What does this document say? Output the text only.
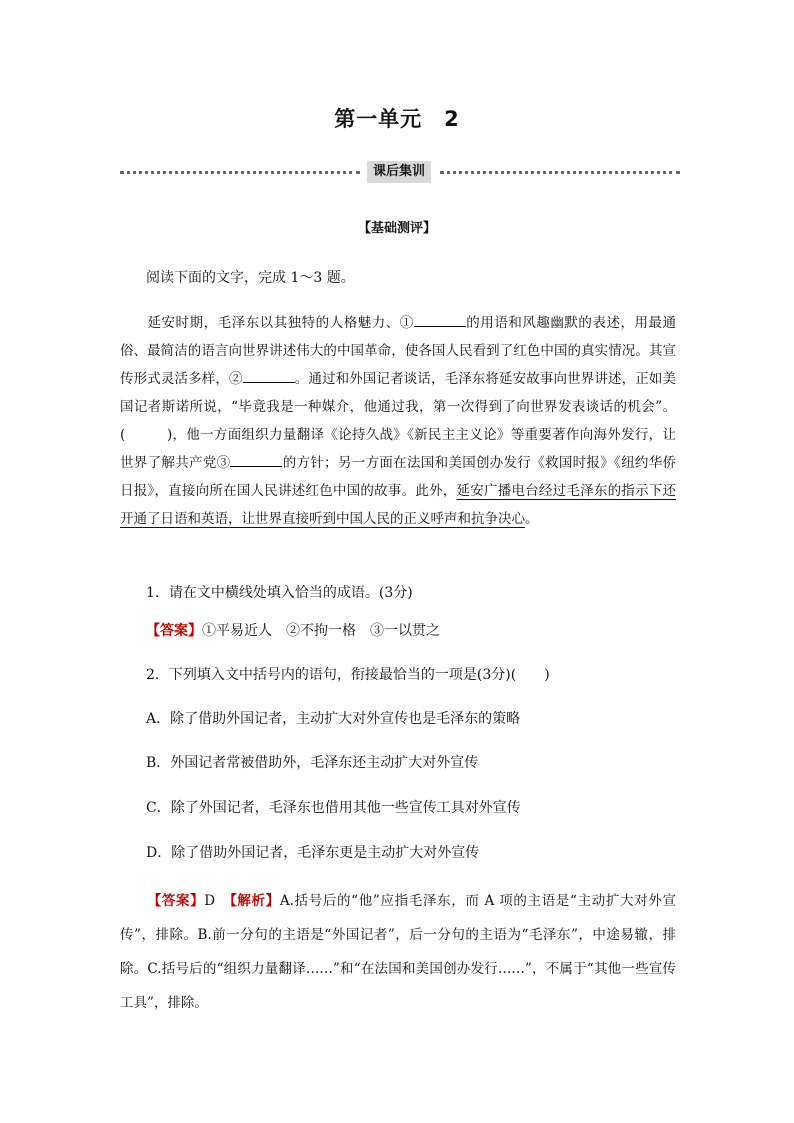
第一单元　2
课后集训
【基础测评】
阅读下面的文字，完成 1～3 题。
延安时期，毛泽东以其独特的人格魅力、①	的用语和风趣幽默的表述，用最通俗、最简洁的语言向世界讲述伟大的中国革命，使各国人民看到了红色中国的真实情况。其宣传形式灵活多样，②	。通过和外国记者谈话，毛泽东将延安故事向世界讲述，正如美国记者斯诺所说，“毕竟我是一种媒介，他通过我，第一次得到了向世界发表谈话的机会”。(　　　)，他一方面组织力量翻译《论持久战》《新民主主义论》等重要著作向海外发行，让世界了解共产党③	的方针；另一方面在法国和美国创办发行《救国时报》《纽约华侨日报》，直接向所在国人民讲述红色中国的故事。此外，延安广播电台经过毛泽东的指示下还开通了日语和英语，让世界直接听到中国人民的正义呼声和抗争决心。
1．请在文中横线处填入恰当的成语。(3分)
【答案】①平易近人　②不拘一格　③一以贯之
2．下列填入文中括号内的语句，衔接最恰当的一项是(3分)(　　)
A．除了借助外国记者，主动扩大对外宣传也是毛泽东的策略
B．外国记者常被借助外，毛泽东还主动扩大对外宣传
C．除了外国记者，毛泽东也借用其他一些宣传工具对外宣传
D．除了借助外国记者，毛泽东更是主动扩大对外宣传
【答案】D　【解析】A.括号后的“他”应指毛泽东，而 A 项的主语是“主动扩大对外宣传”，排除。B.前一分句的主语是“外国记者”，后一分句的主语为“毛泽东”，中途易辙，排除。C.括号后的“组织力量翻译……”和“在法国和美国创办发行……”，不属于“其他一些宣传工具”，排除。
